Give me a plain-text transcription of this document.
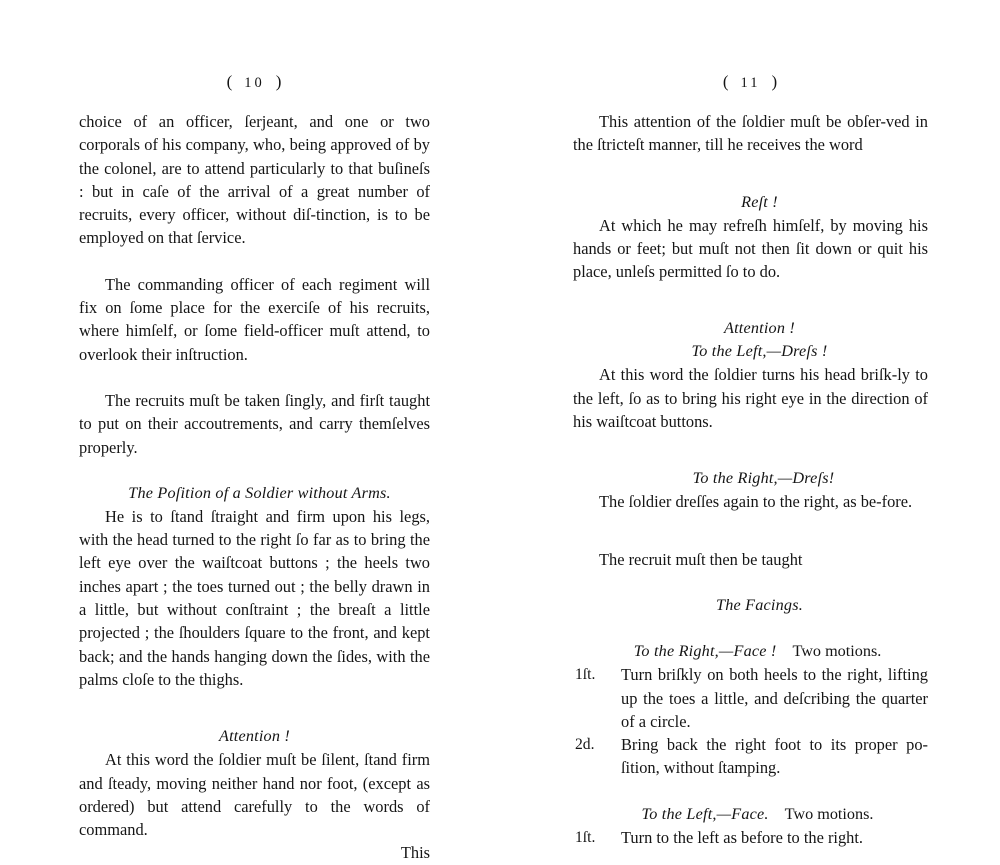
( 10 )

choice of an officer, ſerjeant, and one or two corporals of his company, who, being approved of by the colonel, are to attend particularly to that buſineſs : but in caſe of the arrival of a great number of recruits, every officer, without diſ-tinction, is to be employed on that ſervice.

The commanding officer of each regiment will fix on ſome place for the exerciſe of his recruits, where himſelf, or ſome field-officer muſt attend, to overlook their inſtruction.

The recruits muſt be taken ſingly, and firſt taught to put on their accoutrements, and carry themſelves properly.

The Poſition of a Soldier without Arms.

He is to ſtand ſtraight and firm upon his legs, with the head turned to the right ſo far as to bring the left eye over the waiſtcoat buttons ; the heels two inches apart ; the toes turned out ; the belly drawn in a little, but without conſtraint ; the breaſt a little projected ; the ſhoulders ſquare to the front, and kept back; and the hands hanging down the ſides, with the palms cloſe to the thighs.

Attention !

At this word the ſoldier muſt be ſilent, ſtand firm and ſteady, moving neither hand nor foot, (except as ordered) but attend carefully to the words of command.

This

( 11 )

This attention of the ſoldier muſt be obſer-ved in the ſtricteſt manner, till he receives the word

Reſt !

At which he may refreſh himſelf, by moving his hands or feet; but muſt not then ſit down or quit his place, unleſs permitted ſo to do.

Attention !

To the Left,—Dreſs !

At this word the ſoldier turns his head briſk-ly to the left, ſo as to bring his right eye in the direction of his waiſtcoat buttons.

To the Right,—Dreſs!

The ſoldier dreſſes again to the right, as be-fore.

The recruit muſt then be taught

The Facings.

To the Right,—Face ! Two motions.

1ſt.	Turn briſkly on both heels to the right, lifting up the toes a little, and deſcribing the quarter of a circle.

2d.	Bring back the right foot to its proper po-ſition, without ſtamping.

To the Left,—Face. Two motions.

1ſt.	Turn to the left as before to the right.
